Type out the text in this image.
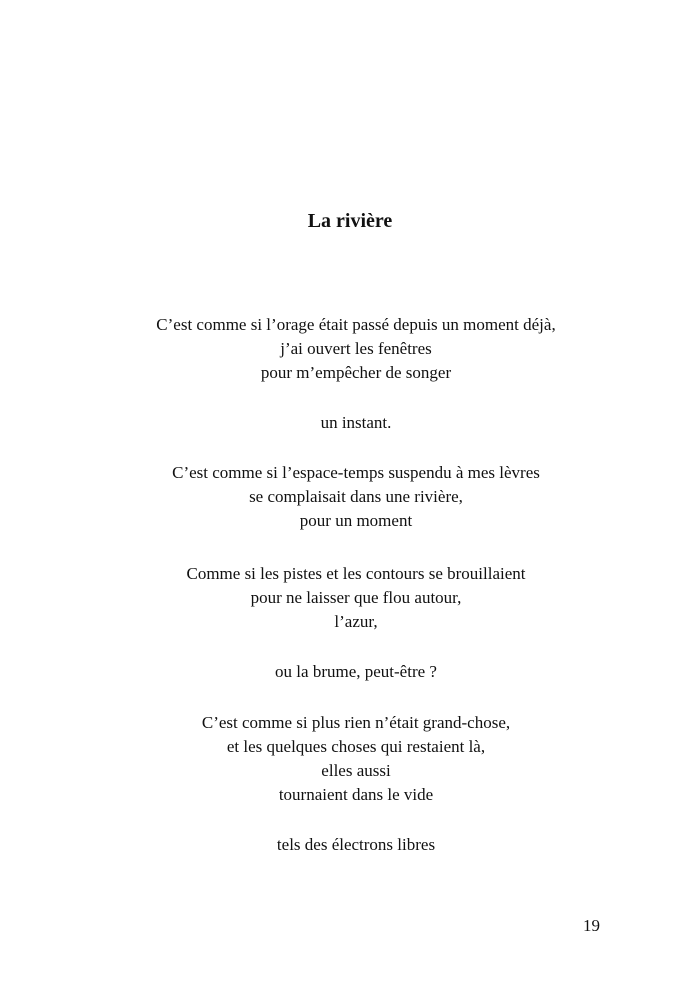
La rivière
C’est comme si l’orage était passé depuis un moment déjà,
j’ai ouvert les fenêtres
pour m’empêcher de songer
un instant.
C’est comme si l’espace-temps suspendu à mes lèvres
se complaisait dans une rivière,
pour un moment
Comme si les pistes et les contours se brouillaient
pour ne laisser que flou autour,
l’azur,
ou la brume, peut-être ?
C’est comme si plus rien n’était grand-chose,
et les quelques choses qui restaient là,
elles aussi
tournaient dans le vide
tels des électrons libres
19
